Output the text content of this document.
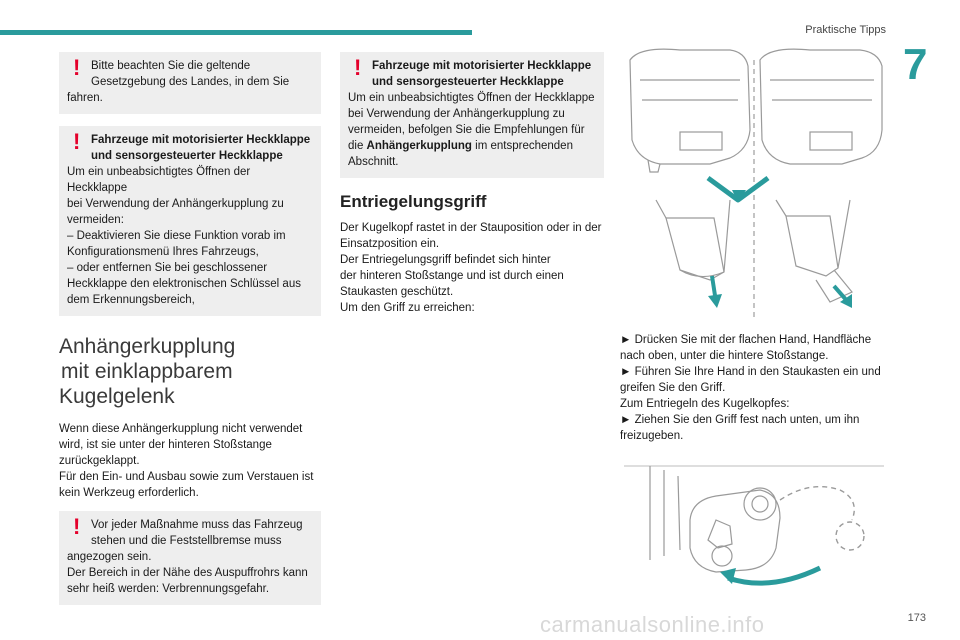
Praktische Tipps
7
! Bitte beachten Sie die geltende

Gesetzgebung des Landes, in dem Sie

fahren.

! Fahrzeuge mit motorisierter Heckklappe

und sensorgesteuerter Heckklappe

Um ein unbeabsichtigtes Öffnen der Heckklappe

bei Verwendung der Anhängerkupplung zu

vermeiden:

– Deaktivieren Sie diese Funktion vorab im

Konfigurationsmenü Ihres Fahrzeugs,

– oder entfernen Sie bei geschlossener

Heckklappe den elektronischen Schlüssel aus

dem Erkennungsbereich,

Anhängerkupplung
mit einklappbarem
Kugelgelenk

Wenn diese Anhängerkupplung nicht verwendet

wird, ist sie unter der hinteren Stoßstange

zurückgeklappt.

Für den Ein- und Ausbau sowie zum Verstauen ist

kein Werkzeug erforderlich.

! Vor jeder Maßnahme muss das Fahrzeug

stehen und die Feststellbremse muss

angezogen sein.

Der Bereich in der Nähe des Auspuffrohrs kann

sehr heiß werden: Verbrennungsgefahr.

! Fahrzeuge mit motorisierter Heckklappe

und sensorgesteuerter Heckklappe

Um ein unbeabsichtigtes Öffnen der Heckklappe

bei Verwendung der Anhängerkupplung zu

vermeiden, befolgen Sie die Empfehlungen für

die Anhängerkupplung im entsprechenden

Abschnitt.

Entriegelungsgriff

Der Kugelkopf rastet in der Stauposition oder in der

Einsatzposition ein.

Der Entriegelungsgriff befindet sich hinter

der hinteren Stoßstange und ist durch einen

Staukasten geschützt.

Um den Griff zu erreichen:

► Drücken Sie mit der flachen Hand, Handfläche

nach oben, unter die hintere Stoßstange.

► Führen Sie Ihre Hand in den Staukasten ein und

greifen Sie den Griff.

Zum Entriegeln des Kugelkopfes:

► Ziehen Sie den Griff fest nach unten, um ihn

freizugeben.

carmanualsonline.info	173
